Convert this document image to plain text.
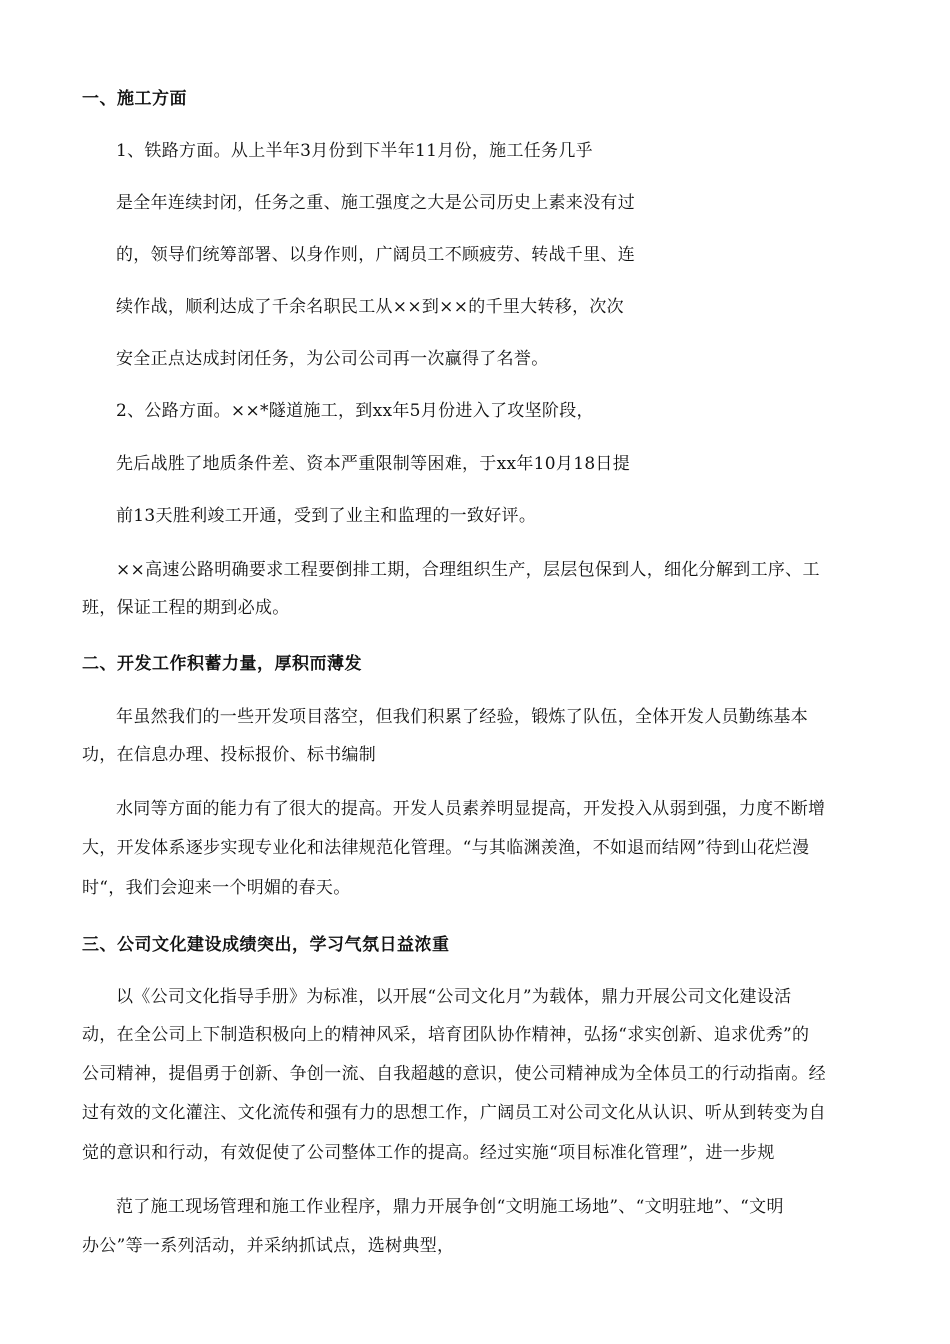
一、施工方面
1、铁路方面。从上半年3月份到下半年11月份，施工任务几乎
是全年连续封闭，任务之重、施工强度之大是公司历史上素来没有过
的，领导们统筹部署、以身作则，广阔员工不顾疲劳、转战千里、连
续作战，顺利达成了千余名职民工从××到××的千里大转移，次次
安全正点达成封闭任务，为公司公司再一次赢得了名誉。
2、公路方面。××*隧道施工，到xx年5月份进入了攻坚阶段，
先后战胜了地质条件差、资本严重限制等困难，于xx年10月18日提
前13天胜利竣工开通，受到了业主和监理的一致好评。
××高速公路明确要求工程要倒排工期，合理组织生产，层层包保到人，细化分解到工序、工
班，保证工程的期到必成。
二、开发工作积蓄力量，厚积而薄发
年虽然我们的一些开发项目落空，但我们积累了经验，锻炼了队伍，全体开发人员勤练基本
功，在信息办理、投标报价、标书编制
水同等方面的能力有了很大的提高。开发人员素养明显提高，开发投入从弱到强，力度不断增
大，开发体系逐步实现专业化和法律规范化管理。“与其临渊羡渔，不如退而结网”待到山花烂漫
时“，我们会迎来一个明媚的春天。
三、公司文化建设成绩突出，学习气氛日益浓重
以《公司文化指导手册》为标准，以开展“公司文化月”为载体，鼎力开展公司文化建设活
动，在全公司上下制造积极向上的精神风采，培育团队协作精神，弘扬“求实创新、追求优秀”的
公司精神，提倡勇于创新、争创一流、自我超越的意识，使公司精神成为全体员工的行动指南。经
过有效的文化灌注、文化流传和强有力的思想工作，广阔员工对公司文化从认识、听从到转变为自
觉的意识和行动，有效促使了公司整体工作的提高。经过实施“项目标准化管理”，进一步规
范了施工现场管理和施工作业程序，鼎力开展争创“文明施工场地”、“文明驻地”、“文明
办公”等一系列活动，并采纳抓试点，选树典型，
